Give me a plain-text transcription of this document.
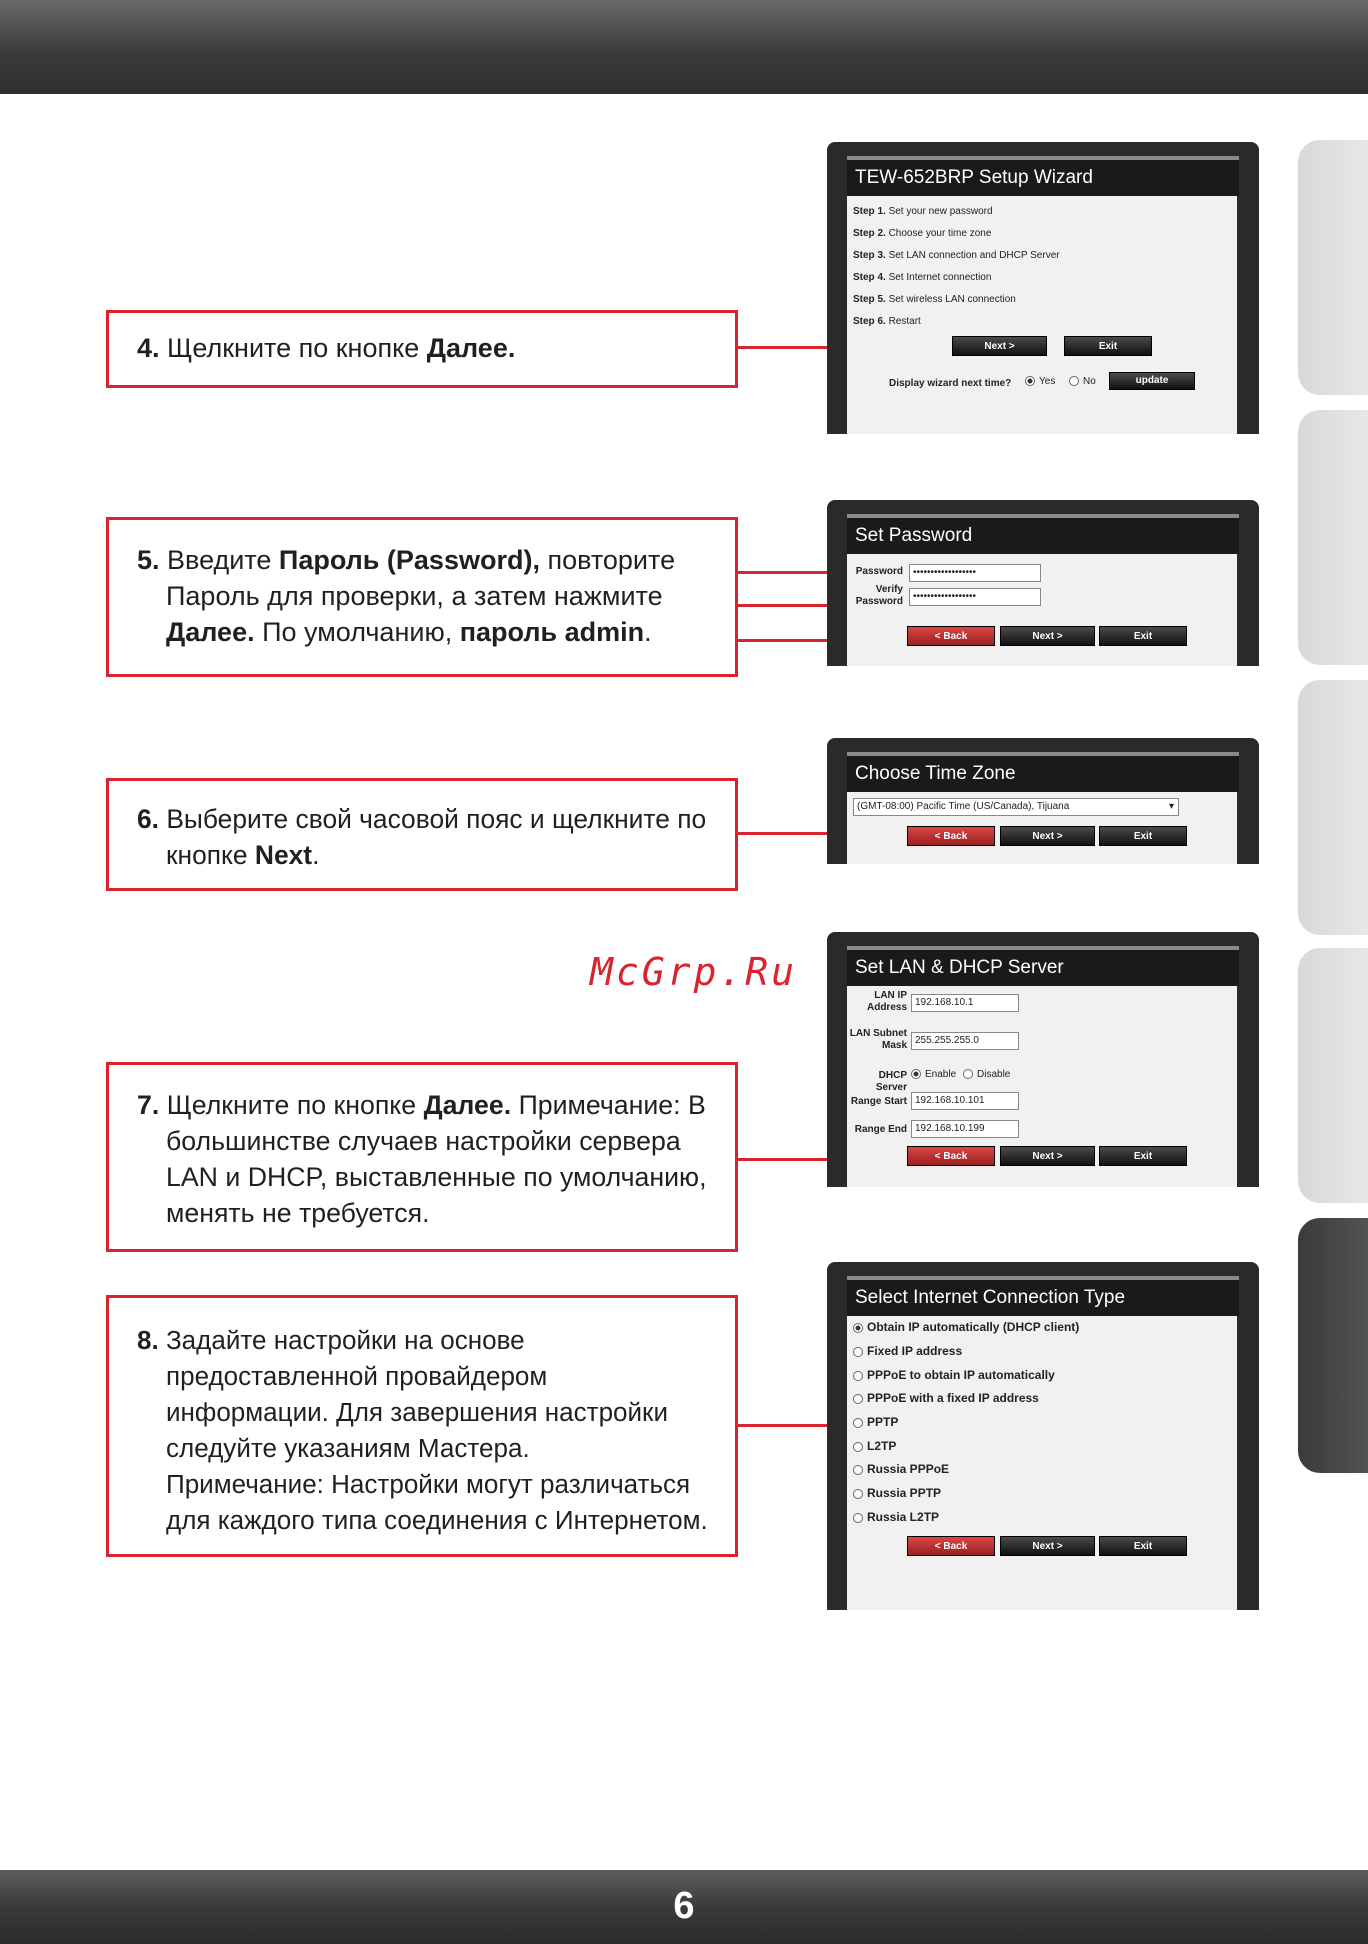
McGrp.Ru
4. Щелкните по кнопке Далее.
TEW-652BRP Setup Wizard
Step 1. Set your new password
Step 2. Choose your time zone
Step 3. Set LAN connection and DHCP Server
Step 4. Set Internet connection
Step 5. Set wireless LAN connection
Step 6. Restart
Next >	Exit
Display wizard next time?	Yes	No	update
5. Введите Пароль (Password), повторите
Пароль для проверки, а затем нажмите
Далее. По умолчанию, пароль admin.
Set Password
Password	••••••••••••••••••
Verify
Password	••••••••••••••••••
< Back	Next >	Exit
6. Выберите свой часовой пояс и щелкните по
кнопке Next.
Choose Time Zone
(GMT-08:00) Pacific Time (US/Canada), Tijuana	▾
< Back	Next >	Exit
7. Щелкните по кнопке Далее. Примечание: В
большинстве случаев настройки сервера
LAN и DHCP, выставленные по умолчанию,
менять не требуется.
Set LAN & DHCP Server
LAN IP
Address 192.168.10.1
LAN Subnet
Mask 255.255.255.0
DHCP Server
Enable	Disable
Range Start 192.168.10.101
Range End 192.168.10.199
< Back	Next >	Exit
8. Задайте настройки на основе
предоставленной провайдером
информации. Для завершения настройки
следуйте указаниям Мастера.
Примечание: Настройки могут различаться
для каждого типа соединения с Интернетом.
Select Internet Connection Type
Obtain IP automatically (DHCP client)
Fixed IP address
PPPoE to obtain IP automatically
PPPoE with a fixed IP address
PPTP
L2TP
Russia PPPoE
Russia PPTP
Russia L2TP
< Back	Next >	Exit
6
